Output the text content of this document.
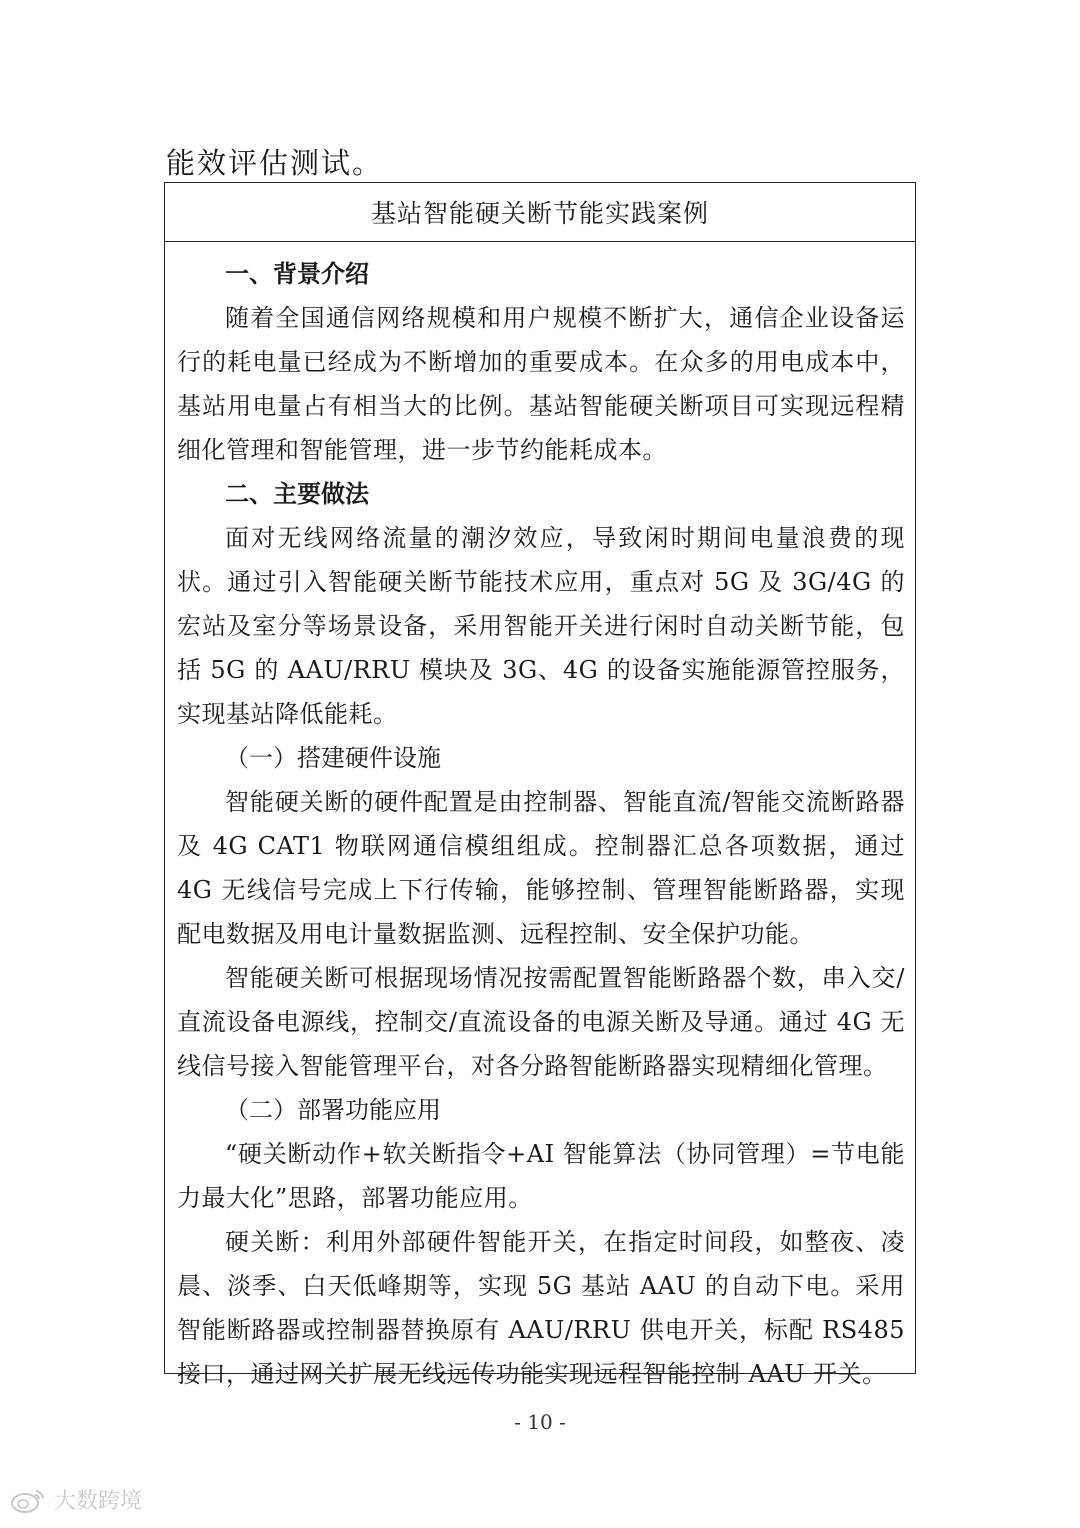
能效评估测试。
基站智能硬关断节能实践案例

一、背景介绍

随着全国通信网络规模和用户规模不断扩大，通信企业设备运行的耗电量已经成为不断增加的重要成本。在众多的用电成本中，基站用电量占有相当大的比例。基站智能硬关断项目可实现远程精细化管理和智能管理，进一步节约能耗成本。

二、主要做法

面对无线网络流量的潮汐效应，导致闲时期间电量浪费的现状。通过引入智能硬关断节能技术应用，重点对 5G 及 3G/4G 的宏站及室分等场景设备，采用智能开关进行闲时自动关断节能，包括 5G 的 AAU/RRU 模块及 3G、4G 的设备实施能源管控服务，实现基站降低能耗。

（一）搭建硬件设施

智能硬关断的硬件配置是由控制器、智能直流/智能交流断路器及 4G CAT1 物联网通信模组组成。控制器汇总各项数据，通过 4G 无线信号完成上下行传输，能够控制、管理智能断路器，实现配电数据及用电计量数据监测、远程控制、安全保护功能。

智能硬关断可根据现场情况按需配置智能断路器个数，串入交/直流设备电源线，控制交/直流设备的电源关断及导通。通过 4G 无线信号接入智能管理平台，对各分路智能断路器实现精细化管理。

（二）部署功能应用

“硬关断动作+软关断指令+AI 智能算法（协同管理）=节电能力最大化”思路，部署功能应用。

硬关断：利用外部硬件智能开关，在指定时间段，如整夜、凌晨、淡季、白天低峰期等，实现 5G 基站 AAU 的自动下电。采用智能断路器或控制器替换原有 AAU/RRU 供电开关，标配 RS485 接口，通过网关扩展无线远传功能实现远程智能控制 AAU 开关。

- 10 -
大数跨境
